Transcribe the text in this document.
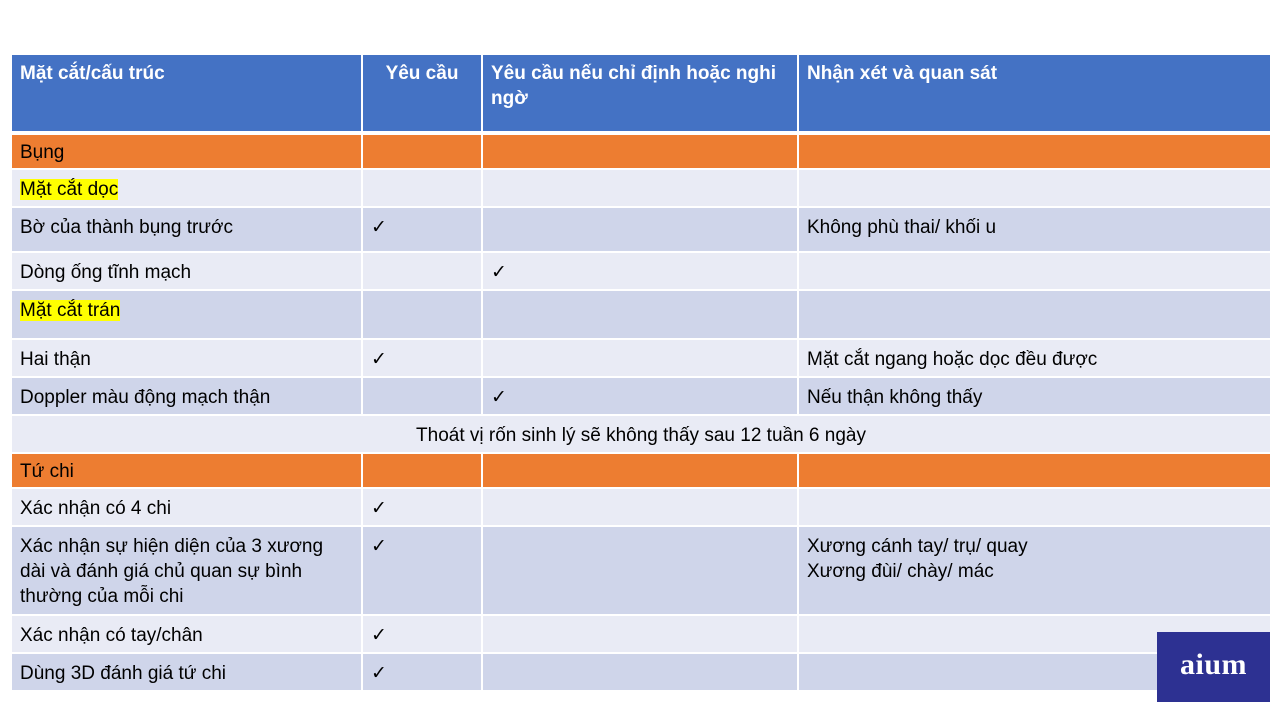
Mặt cắt/cấu trúc	Yêu cầu	Yêu cầu nếu chỉ định hoặc nghi ngờ	Nhận xét và quan sát
Bụng			
Mặt cắt dọc			
Bờ của thành bụng trước	✓		Không phù thai/ khối u
Dòng ống tĩnh mạch		✓	
Mặt cắt trán			
Hai thận	✓		Mặt cắt ngang hoặc dọc đều được
Doppler màu động mạch thận		✓	Nếu thận không thấy
Thoát vị rốn sinh lý sẽ không thấy sau 12 tuần 6 ngày			
Tứ chi			
Xác nhận có 4 chi	✓		
Xác nhận sự hiện diện của 3 xương dài và đánh giá chủ quan sự bình thường của mỗi chi	✓		Xương cánh tay/ trụ/ quay
Xương đùi/ chày/ mác
Xác nhận có tay/chân	✓		
Dùng 3D đánh giá tứ chi	✓			aium
